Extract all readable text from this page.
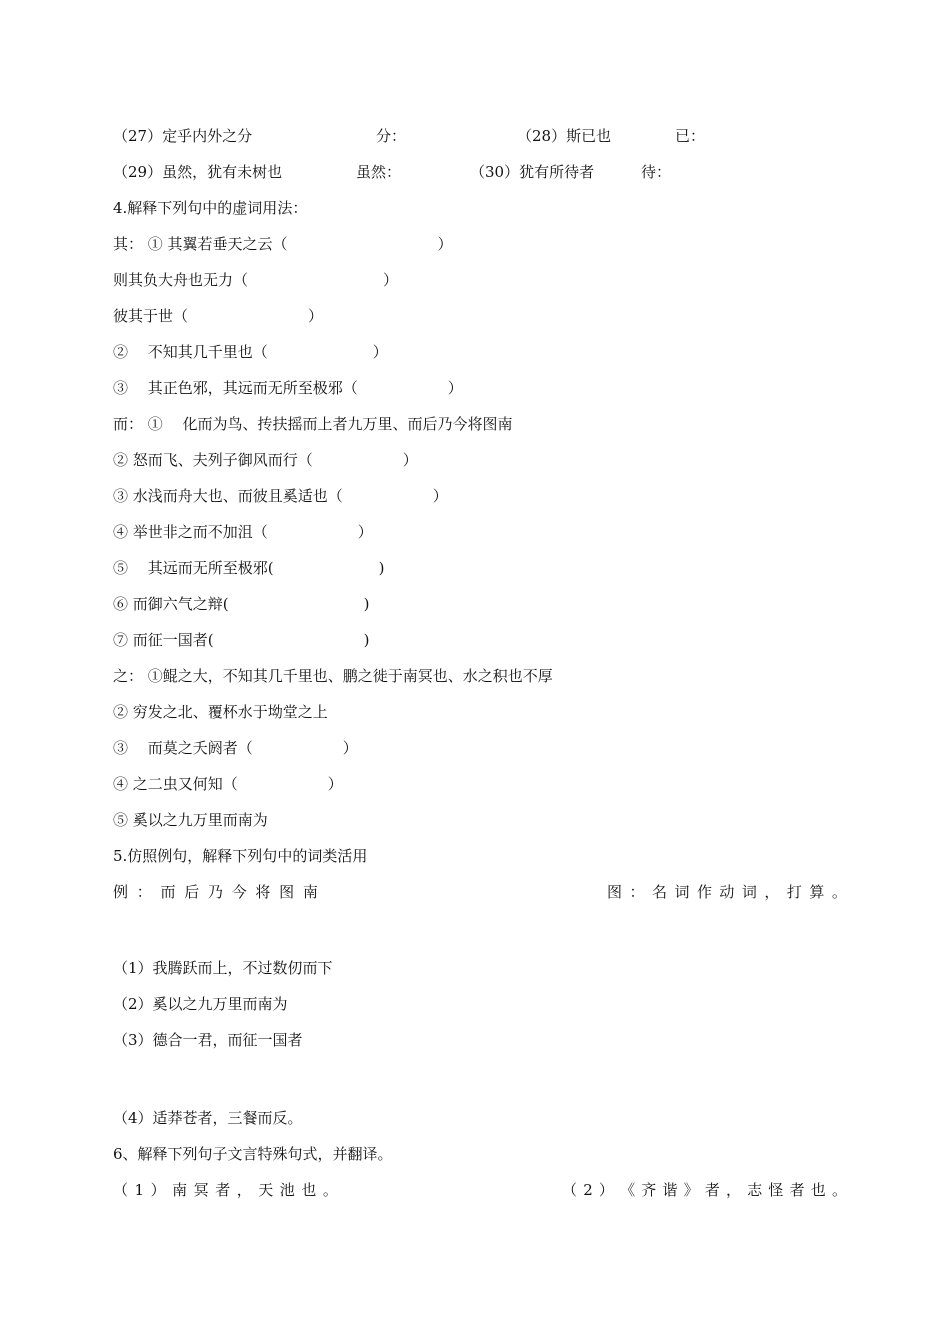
（27）定乎内外之分	分：	（28）斯已也	已：
（29）虽然，犹有未树也	虽然：	（30）犹有所待者	待：
4.解释下列句中的虚词用法：
其： ① 其翼若垂天之云（　　　　　　　　　　）
则其负大舟也无力（　　　　　　　　　）
彼其于世（　　　　　　　　）
②　 不知其几千里也（　　　　　　　）
③　 其正色邪，其远而无所至极邪（　　　　　　）
而： ①　 化而为鸟、抟扶摇而上者九万里、而后乃今将图南
② 怒而飞、夫列子御风而行（　　　　　　）
③ 水浅而舟大也、而彼且奚适也（　　　　　　）
④ 举世非之而不加沮（　　　　　　）
⑤　 其远而无所至极邪(　　　　　　　)
⑥ 而御六气之辩(　　　　　　　　　)
⑦ 而征一国者(　　　　　　　　　　)
之： ①鲲之大，不知其几千里也、鹏之徙于南冥也、水之积也不厚
② 穷发之北、覆杯水于坳堂之上
③　 而莫之夭阏者（　　　　　　）
④ 之二虫又何知（　　　　　　）
⑤ 奚以之九万里而南为
5.仿照例句，解释下列句中的词类活用
例 ： 而 后 乃 今 将 图 南	图 ： 名 词 作 动 词 ， 打 算 。
（1）我腾跃而上，不过数仞而下
（2）奚以之九万里而南为
（3）德合一君，而征一国者
（4）适莽苍者，三餐而反。
6、解释下列句子文言特殊句式，并翻译。
（ 1 ） 南 冥 者 ， 天 池 也 。	（ 2 ） 《 齐 谐 》 者 ， 志 怪 者 也 。
